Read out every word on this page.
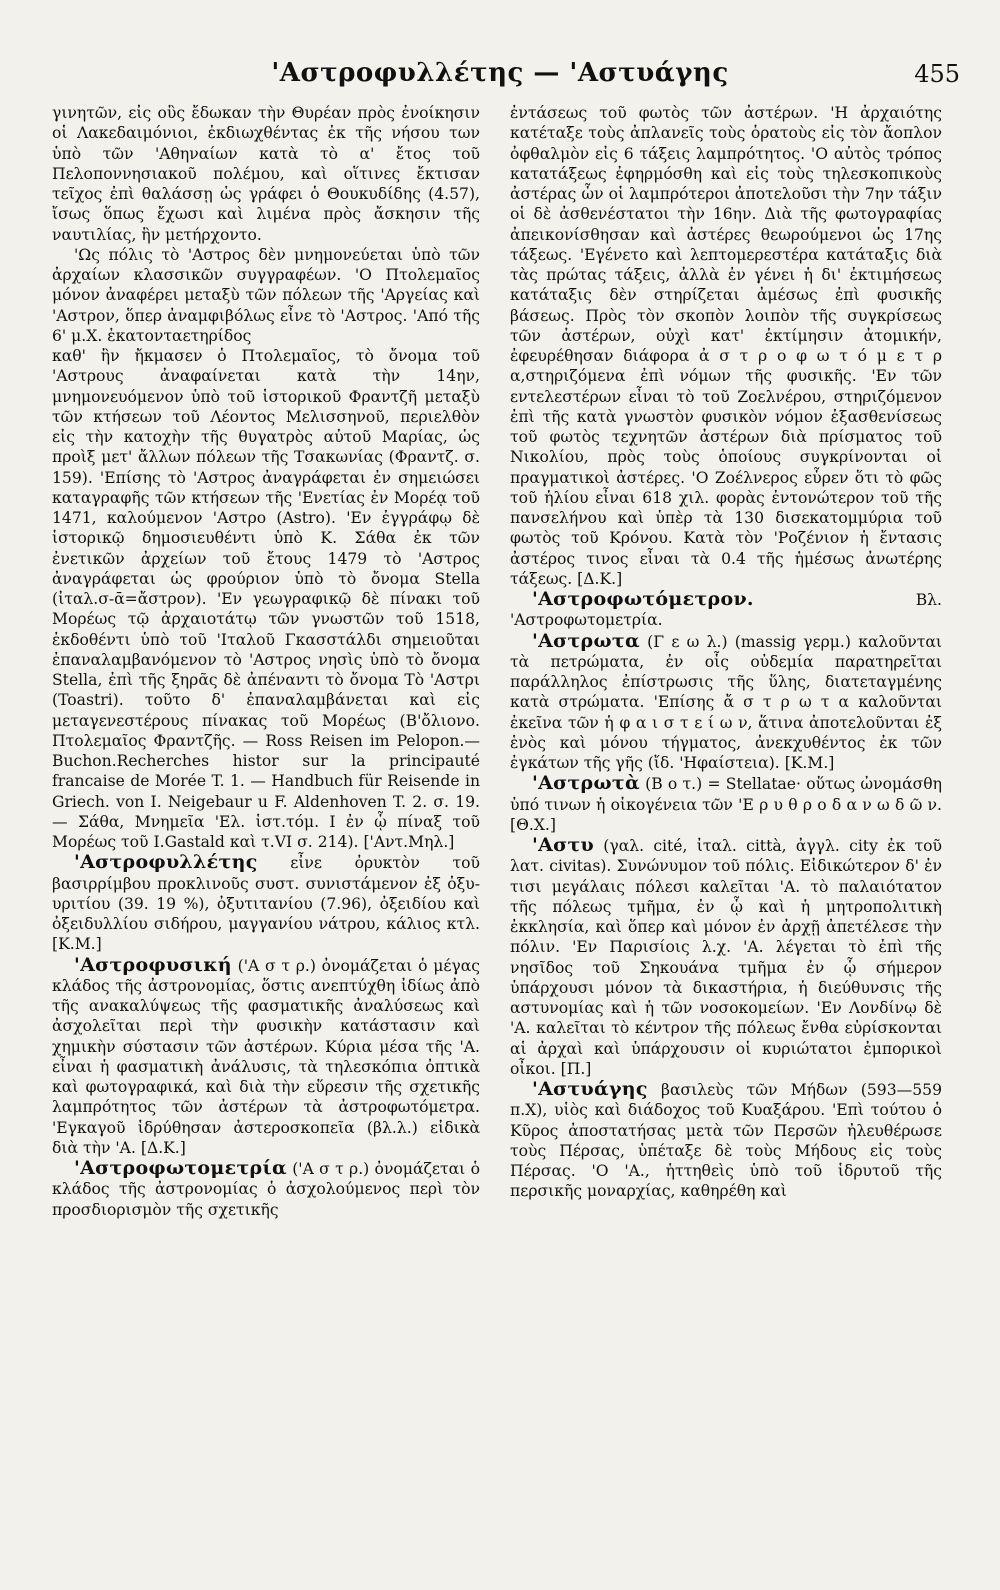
'Αστροφυλλέτης — 'Αστυάγης	455

γινητῶν, εἰς οὓς ἔδωκαν τὴν Θυρέαν πρὸς ἐνοίκησιν οἱ Λακεδαιμόνιοι, ἐκδιωχθέντας ἐκ τῆς νήσου των ὑπὸ τῶν 'Αθηναίων κατὰ τὸ α' ἔτος τοῦ Πελοποννησιακοῦ πολέμου, καὶ οἵτινες ἔκτισαν τεῖχος ἐπὶ θαλάσσῃ ὡς γράφει ὁ Θουκυδίδης (4.57), ἴσως ὅπως ἔχωσι καὶ λιμένα πρὸς ἄσκησιν τῆς ναυτιλίας, ἣν μετήρχοντο.

'Ως πόλις τὸ 'Αστρος δὲν μνημονεύεται ὑπὸ τῶν ἀρχαίων κλασσικῶν συγγραφέων. 'Ο Πτολεμαῖος μόνον ἀναφέρει μεταξὺ τῶν πόλεων τῆς 'Αργείας καὶ 'Αστρον, ὅπερ ἀναμφιβόλως εἶνε τὸ 'Αστρος. 'Από τῆς 6' μ.Χ. ἑκατονταετηρίδος

καθ' ἣν ἤκμασεν ὁ Πτολεμαῖος, τὸ ὄνομα τοῦ 'Αστρους ἀναφαίνεται κατὰ τὴν 14ην, μνημονευόμενον ὑπὸ τοῦ ἱστορικοῦ Φραντζῆ μεταξὺ τῶν κτήσεων τοῦ Λέοντος Μελισσηνοῦ, περιελθὸν εἰς τὴν κατοχὴν τῆς θυγατρὸς αὐτοῦ Μαρίας, ὡς προὶξ μετ' ἄλλων πόλεων τῆς Τσακωνίας (Φραντζ. σ. 159). 'Επίσης τὸ 'Αστρος ἀναγράφεται ἐν σημειώσει καταγραφῆς τῶν κτήσεων τῆς 'Ενετίας ἐν Μορέᾳ τοῦ 1471, καλούμενον 'Αστρο (Astro). 'Εν ἐγγράφῳ δὲ ἱστορικῷ δημοσιευθέντι ὑπὸ Κ. Σάθα ἐκ τῶν ἐνετικῶν ἀρχείων τοῦ ἔτους 1479 τὸ 'Αστρος ἀναγράφεται ὡς φρούριον ὑπὸ τὸ ὄνομα Stella (ἰταλ.σ-ᾱ=ἄστρον). 'Εν γεωγραφικῷ δὲ πίνακι τοῦ Μορέως τῷ ἀρχαιοτάτῳ τῶν γνωστῶν τοῦ 1518, ἐκδοθέντι ὑπὸ τοῦ 'Ιταλοῦ Γκασστάλδι σημειοῦται ἐπαναλαμβανόμενον τὸ 'Αστρος νησὶς ὑπὸ τὸ ὄνομα Stella, ἐπὶ τῆς ξηρᾶς δὲ ἀπέναντι τὸ ὄνομα Τὸ 'Αστρι (Toastri). τοῦτο δ' ἐπαναλαμβάνεται καὶ εἰς μεταγενεστέρους πίνακας τοῦ Μορέως (Β'ὄλιονο. Πτολεμαῖος Φραντζῆς. — Ross Reisen im Pelopon.—Buchon.Recherches histor sur la principauté francaise de Morée T. 1. — Handbuch für Reisende in Griech. von I. Neigebaur u F. Aldenhoven T. 2. σ. 19. — Σάθα, Μνημεῖα 'Ελ. ἱστ.τόμ. Ι ἐν ᾧ πίναξ τοῦ Μορέως τοῦ I.Gastald καὶ τ.VI σ. 214). ['Αντ.Μηλ.]

'Αστροφυλλέτης εἶνε ὀρυκτὸν τοῦ βασιρρίμβου προκλινοῦς συστ. συνιστάμενον ἐξ ὀξυ-υριτίου (39. 19 %), ὀξυτιτανίου (7.96), ὀξειδίου καὶ ὀξειδυλλίου σιδήρου, μαγγανίου νάτρου, κάλιος κτλ. [Κ.Μ.]

'Αστροφυσική ('Α σ τ ρ.) ὀνομάζεται ὁ μέγας κλάδος τῆς ἀστρονομίας, ὅστις ανεπτύχθη ἰδίως ἀπὸ τῆς ανακαλύψεως τῆς φασματικῆς ἀναλύσεως καὶ ἀσχολεῖται περὶ τὴν φυσικὴν κατάστασιν καὶ χημικὴν σύστασιν τῶν ἀστέρων. Κύρια μέσα τῆς 'Α. εἶναι ἡ φασματικὴ ἀνάλυσις, τὰ τηλεσκόπια ὀπτικὰ καὶ φωτογραφικά, καὶ διὰ τὴν εὕρεσιν τῆς σχετικῆς λαμπρότητος τῶν ἀστέρων τὰ ἀστροφωτόμετρα. 'Εγκαγοῦ ἱδρύθησαν ἀστεροσκοπεῖα (βλ.λ.) εἰδικὰ διὰ τὴν 'Α. [Δ.Κ.]

'Αστροφωτομετρία ('Α σ τ ρ.) ὀνομάζεται ὁ κλάδος τῆς ἀστρονομίας ὁ ἀσχολούμενος περὶ τὸν προσδιορισμὸν τῆς σχετικῆς

ἐντάσεως τοῦ φωτὸς τῶν ἀστέρων. 'Η ἀρχαιότης κατέταξε τοὺς ἀπλανεῖς τοὺς ὁρατοὺς εἰς τὸν ἄοπλον ὀφθαλμὸν εἰς 6 τάξεις λαμπρότητος. 'Ο αὐτὸς τρόπος κατατάξεως ἐφηρμόσθη καὶ εἰς τοὺς τηλεσκοπικοὺς ἀστέρας ὧν οἱ λαμπρότεροι ἀποτελοῦσι τὴν 7ην τάξιν οἱ δὲ ἀσθενέστατοι τὴν 16ην. Διὰ τῆς φωτογραφίας ἀπεικονίσθησαν καὶ ἀστέρες θεωρούμενοι ὡς 17ης τάξεως. 'Εγένετο καὶ λεπτομερεστέρα κατάταξις διὰ τὰς πρώτας τάξεις, ἀλλὰ ἐν γένει ἡ δι' ἐκτιμήσεως κατάταξις δὲν στηρίζεται ἀμέσως ἐπὶ φυσικῆς βάσεως. Πρὸς τὸν σκοπὸν λοιπὸν τῆς συγκρίσεως τῶν ἀστέρων, οὐχὶ κατ' ἐκτίμησιν ἀτομικήν, ἐφευρέθησαν διάφορα ἀ σ τ ρ ο φ ω τ ό μ ε τ ρ α,στηριζόμενα ἐπὶ νόμων τῆς φυσικῆς. 'Εν τῶν εντελεστέρων εἶναι τὸ τοῦ Ζοελνέρου, στηριζόμενον ἐπὶ τῆς κατὰ γνωστὸν φυσικὸν νόμον ἐξασθενίσεως τοῦ φωτὸς τεχνητῶν ἀστέρων διὰ πρίσματος τοῦ Νικολίου, πρὸς τοὺς ὁποίους συγκρίνονται οἱ πραγματικοὶ ἀστέρες. 'Ο Ζοέλνερος εὗρεν ὅτι τὸ φῶς τοῦ ἡλίου εἶναι 618 χιλ. φορὰς ἐντονώτερον τοῦ τῆς πανσελήνου καὶ ὑπὲρ τὰ 130 δισεκατομμύρια τοῦ φωτὸς τοῦ Κρόνου. Κατὰ τὸν 'Ροζένιον ἡ ἔντασις ἀστέρος τινος εἶναι τὰ 0.4 τῆς ἡμέσως ἀνωτέρης τάξεως. [Δ.Κ.]

'Αστροφωτόμετρον.	Βλ. 'Αστροφωτομετρία.

'Αστρωτα (Γ ε ω λ.) (massig γερμ.) καλοῦνται τὰ πετρώματα, ἐν οἷς οὐδεμία παρατηρεῖται παράλληλος ἐπίστρωσις τῆς ὕλης, διατεταγμένης κατὰ στρώματα. 'Επίσης ἄ σ τ ρ ω τ α καλοῦνται ἐκεῖνα τῶν ἡ φ α ι σ τ ε ί ω ν, ἅτινα ἀποτελοῦνται ἐξ ἑνὸς καὶ μόνου τήγματος, ἀνεκχυθέντος ἐκ τῶν ἐγκάτων τῆς γῆς (ἴδ. 'Ηφαίστεια). [Κ.Μ.]

'Αστρωτὰ (Β ο τ.) = Stellatae· οὕτως ὠνομάσθη ὑπό τινων ἡ οἰκογένεια τῶν 'Ε ρ υ θ ρ ο δ α ν ω δ ῶ ν. [Θ.Χ.]

'Αστυ (γαλ. cité, ἰταλ. città, ἀγγλ. city ἐκ τοῦ λατ. civitas). Συνώνυμον τοῦ πόλις. Εἰδικώτερον δ' ἐν τισι μεγάλαις πόλεσι καλεῖται 'Α. τὸ παλαιότατον τῆς πόλεως τμῆμα, ἐν ᾧ καὶ ἡ μητροπολιτικὴ ἐκκλησία, καὶ ὅπερ καὶ μόνον ἐν ἀρχῇ ἀπετέλεσε τὴν πόλιν. 'Εν Παρισίοις λ.χ. 'Α. λέγεται τὸ ἐπὶ τῆς νησῖδος τοῦ Σηκουάνα τμῆμα ἐν ᾧ σήμερον ὑπάρχουσι μόνον τὰ δικαστήρια, ἡ διεύθυνσις τῆς αστυνομίας καὶ ἡ τῶν νοσοκομείων. 'Εν Λονδίνῳ δὲ 'Α. καλεῖται τὸ κέντρον τῆς πόλεως ἔνθα εὑρίσκονται αἱ ἀρχαὶ καὶ ὑπάρχουσιν οἱ κυριώτατοι ἐμπορικοὶ οἶκοι. [Π.]

'Αστυάγης βασιλεὺς τῶν Μήδων (593—559 π.Χ), υἱὸς καὶ διάδοχος τοῦ Κυαξάρου. 'Επὶ τούτου ὁ Κῦρος ἀποστατήσας μετὰ τῶν Περσῶν ἠλευθέρωσε τοὺς Πέρσας, ὑπέταξε δὲ τοὺς Μήδους εἰς τοὺς Πέρσας. 'Ο 'Α., ἡττηθεὶς ὑπὸ τοῦ ἱδρυτοῦ τῆς περσικῆς μοναρχίας, καθηρέθη καὶ
